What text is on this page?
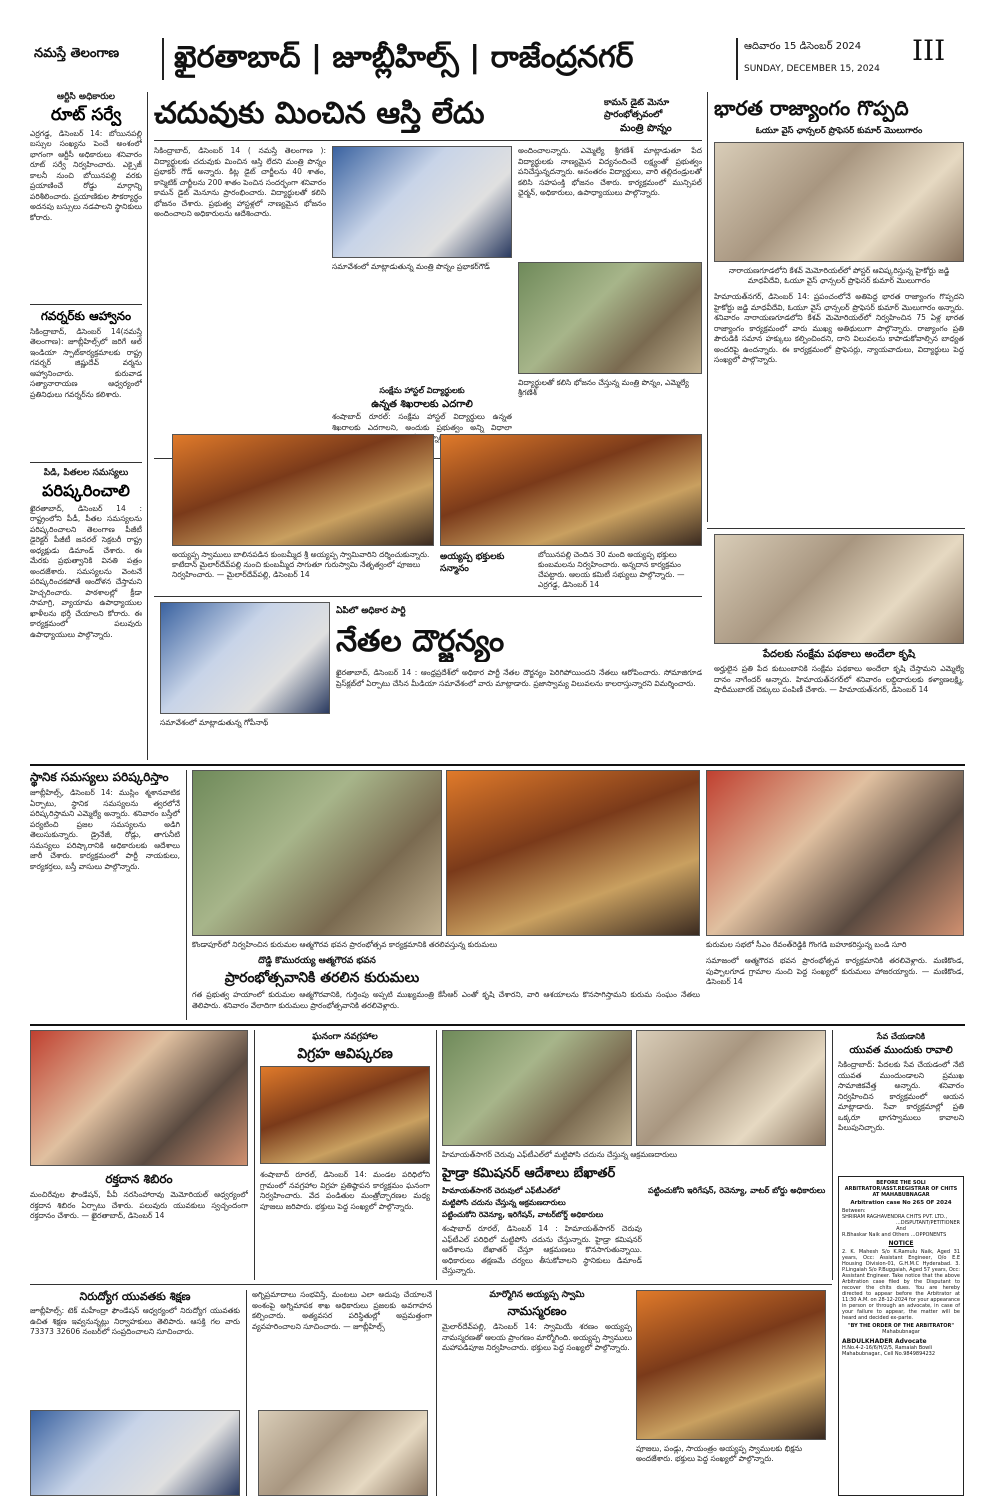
నమస్తే తెలంగాణ	ఖైరతాబాద్ | జూబ్లీహిల్స్ | రాజేంద్రనగర్	ఆదివారం 15 డిసెంబర్ 2024
SUNDAY, DECEMBER 15, 2024
III
ఆర్టీసీ అధికారుల
రూట్ సర్వే
ఎర్రగడ్డ, డిసెంబర్ 14: బోయినపల్లి బస్సుల సంఖ్యను పెంచే అంశంలో భాగంగా ఆర్టీసీ అధికారులు శనివారం రూట్ సర్వే నిర్వహించారు. ఎక్సైజ్ కాలనీ నుంచి బోయినపల్లి వరకు ప్రయాణించే రోడ్డు మార్గాన్ని పరిశీలించారు. ప్రయాణికుల సౌకర్యార్థం అదనపు బస్సులు నడపాలని స్థానికులు కోరారు.
గవర్నర్‌కు ఆహ్వానం
సికింద్రాబాద్, డిసెంబర్ 14(నమస్తే తెలంగాణ): జూబ్లీహిల్స్‌లో జరిగే ఆల్ ఇండియా స్పాట్‌కార్యక్రమాలకు రాష్ట్ర గవర్నర్ జిష్ణుదేవ్ వర్మను ఆహ్వానించారు. కురువాడ సత్యానారాయణ ఆధ్వర్యంలో ప్రతినిధులు గవర్నర్‌ను కలిశారు.
పీడీ, పీతలల సమస్యలు
పరిష్కరించాలి
ఖైరతాబాద్, డిసెంబర్ 14 : రాష్ట్రంలోని పీడీ, పీతల సమస్యలను పరిష్కరించాలని తెలంగాణ పీజీటీ డైరెక్టర్ పీజీటీ జనరల్ సెక్రటరీ రాష్ట్ర అధ్యక్షుడు డిమాండ్ చేశారు. ఈ మేరకు ప్రభుత్వానికి వినతి పత్రం అందజేశారు. సమస్యలను వెంటనే పరిష్కరించకపోతే ఆందోళన చేస్తామని హెచ్చరించారు. పాఠశాలల్లో క్రీడా సామాగ్రి, వ్యాయామ ఉపాధ్యాయుల ఖాళీలను భర్తీ చేయాలని కోరారు. ఈ కార్యక్రమంలో పలువురు ఉపాధ్యాయులు పాల్గొన్నారు.
చదువుకు మించిన ఆస్తి లేదు	కామన్ డైట్ మెనూ ప్రారంభోత్సవంలో
మంత్రి పొన్నం
సికింద్రాబాద్, డిసెంబర్ 14 ( నమస్తే తెలంగాణ ): విద్యార్థులకు చదువుకు మించిన ఆస్తి లేదని మంత్రి పొన్నం ప్రభాకర్ గౌడ్ అన్నారు. కిట్ల డైట్ చార్జీలను 40 శాతం, కాస్మెటిక్ చార్జీలను 200 శాతం పెంచిన సందర్భంగా శనివారం కామన్ డైట్ మెనూను ప్రారంభించారు. విద్యార్థులతో కలిసి భోజనం చేశారు. ప్రభుత్వ హాస్టళ్లలో నాణ్యమైన భోజనం అందించాలని అధికారులను ఆదేశించారు.
సమావేశంలో మాట్లాడుతున్న మంత్రి పొన్నం ప్రభాకర్‌గౌడ్
అందించాలన్నారు. ఎమ్మెల్యే శ్రీగణేశ్ మాట్లాడుతూ పేద విద్యార్థులకు నాణ్యమైన విద్యనందించే లక్ష్యంతో ప్రభుత్వం పనిచేస్తున్నదన్నారు. అనంతరం విద్యార్థులు, వారి తల్లిదండ్రులతో కలిసి సహపంక్తి భోజనం చేశారు. కార్యక్రమంలో మున్సిపల్ ఛైర్మన్, అధికారులు, ఉపాధ్యాయులు పాల్గొన్నారు.
విద్యార్థులతో కలిసి భోజనం చేస్తున్న మంత్రి పొన్నం, ఎమ్మెల్యే శ్రీగణేశ్
సంక్షేమ హాస్టల్ విద్యార్థులకు
ఉన్నత శిఖరాలకు ఎదగాలి
శంషాబాద్ రూరల్: సంక్షేమ హాస్టల్ విద్యార్థులు ఉన్నత శిఖరాలకు ఎదగాలని, అందుకు ప్రభుత్వం అన్ని విధాలా
భారత రాజ్యాంగం గొప్పది
ఓయూ వైస్ ఛాన్సలర్ ప్రొఫెసర్ కుమార్ మొలుగారం
నారాయణగూడలోని కేశవ్ మెమోరియల్‌లో పోస్టర్ ఆవిష్కరిస్తున్న హైకోర్టు జడ్జి మాధవీదేవి, ఓయూ వైస్ ఛాన్సలర్ ప్రొఫెసర్ కుమార్ మొలుగారం
హిమాయత్‌నగర్, డిసెంబర్ 14: ప్రపంచంలోనే అతిపెద్ద భారత రాజ్యాంగం గొప్పదని హైకోర్టు జడ్జి మాధవీదేవి, ఓయూ వైస్ ఛాన్సలర్ ప్రొఫెసర్ కుమార్ మొలుగారం అన్నారు. శనివారం నారాయణగూడలోని కేశవ్ మెమోరియల్‌లో నిర్వహించిన 75 ఏళ్ల భారత రాజ్యాంగం కార్యక్రమంలో వారు ముఖ్య అతిథులుగా పాల్గొన్నారు. రాజ్యాంగం ప్రతి పౌరుడికి సమాన హక్కులు కల్పించిందని, దాని విలువలను కాపాడుకోవాల్సిన బాధ్యత అందరిపై ఉందన్నారు. ఈ కార్యక్రమంలో ప్రొఫెసర్లు, న్యాయవాదులు, విద్యార్థులు పెద్ద సంఖ్యలో పాల్గొన్నారు.
అయ్యప్ప స్వాములు బాలినపడిన కుంబమ్మీద శ్రీ అయ్యప్ప స్వామివారిని దర్శించుకున్నారు. కాటేదాన్ మైలార్‌దేవ్‌పల్లి నుంచి కుంబమ్మీద సాగుతూ గురుస్వామి నేతృత్వంలో పూజలు నిర్వహించారు. — మైలార్‌దేవ్‌పల్లి, డిసెంబర్ 14
అయ్యప్ప భక్తులకు సన్మానం
బోయినపల్లి చెందిన 30 మంది అయ్యప్ప భక్తులు కుంబమలను నిర్వహించారు. అన్నదాన కార్యక్రమం చేపట్టారు. ఆలయ కమిటీ సభ్యులు పాల్గొన్నారు. — ఎర్రగడ్డ, డిసెంబర్ 14
పేదలకు సంక్షేమ పథకాలు అందేలా కృషి
అర్హులైన ప్రతి పేద కుటుంబానికి సంక్షేమ పథకాలు అందేలా కృషి చేస్తామని ఎమ్మెల్యే దానం నాగేందర్ అన్నారు. హిమాయత్‌నగర్‌లో శనివారం లబ్ధిదారులకు కళ్యాణలక్ష్మి, షాదీముబారక్ చెక్కులు పంపిణీ చేశారు. — హిమాయత్‌నగర్, డిసెంబర్ 14
సమావేశంలో మాట్లాడుతున్న గోపీనాథ్
ఏపీలో అధికార పార్టీ
నేతల దౌర్జన్యం
ఖైరతాబాద్, డిసెంబర్ 14 : ఆంధ్రప్రదేశ్‌లో అధికార పార్టీ నేతల దౌర్జన్యం పెరిగిపోయిందని నేతలు ఆరోపించారు. సోమాజిగూడ ప్రెస్‌క్లబ్‌లో ఏర్పాటు చేసిన మీడియా సమావేశంలో వారు మాట్లాడారు. ప్రజాస్వామ్య విలువలను కాలరాస్తున్నారని విమర్శించారు.
స్థానిక సమస్యలు పరిష్కరిస్తాం
జూబ్లీహిల్స్, డిసెంబర్ 14: ముస్లిం శ్మశానవాటిక ఏర్పాటు, స్థానిక సమస్యలను త్వరలోనే పరిష్కరిస్తామని ఎమ్మెల్యే అన్నారు. శనివారం బస్తీలో పర్యటించి ప్రజల సమస్యలను అడిగి తెలుసుకున్నారు. డ్రైనేజీ, రోడ్లు, తాగునీటి సమస్యలు పరిష్కారానికి అధికారులకు ఆదేశాలు జారీ చేశారు. కార్యక్రమంలో పార్టీ నాయకులు, కార్యకర్తలు, బస్తీ వాసులు పాల్గొన్నారు.
కొండాపూర్‌లో నిర్వహించిన కురుమల ఆత్మగౌరవ భవన ప్రారంభోత్సవ కార్యక్రమానికి తరలివస్తున్న కురుమలు	కురుమల సభలో సీఎం రేవంత్‌రెడ్డికి గొంగడి బహూకరిస్తున్న బండి సూరి
దొడ్డి కొమురయ్య ఆత్మగౌరవ భవన
ప్రారంభోత్సవానికి తరలిన కురుమలు
గత ప్రభుత్వ హయాంలో కురుమల ఆత్మగౌరవానికి, గుర్తింపు అప్పటి ముఖ్యమంత్రి కేసీఆర్ ఎంతో కృషి చేశారని, వారి ఆశయాలను కొనసాగిస్తామని కురుమ సంఘం నేతలు తెలిపారు. శనివారం వేలాదిగా కురుమలు ప్రారంభోత్సవానికి తరలివెళ్లారు.
సమాజంలో ఆత్మగౌరవ భవన ప్రారంభోత్సవ కార్యక్రమానికి తరలివెళ్లారు. మణికొండ, పుప్పాలగూడ గ్రామాల నుంచి పెద్ద సంఖ్యలో కురుమలు హాజరయ్యారు. — మణికొండ, డిసెంబర్ 14
రక్తదాన శిబిరం
మంచిరేవుల ఫౌండేషన్, పీవీ నరసింహారావు మెమోరియల్ ఆధ్వర్యంలో రక్తదాన శిబిరం ఏర్పాటు చేశారు. పలువురు యువకులు స్వచ్ఛందంగా రక్తదానం చేశారు. — ఖైరతాబాద్, డిసెంబర్ 14
ఘనంగా నవగ్రహాల
విగ్రహ ఆవిష్కరణ
శంషాబాద్ రూరల్, డిసెంబర్ 14: మండల పరిధిలోని గ్రామంలో నవగ్రహాల విగ్రహ ప్రతిష్ఠాపన కార్యక్రమం ఘనంగా నిర్వహించారు. వేద పండితుల మంత్రోచ్ఛారణల మధ్య పూజలు జరిపారు. భక్తులు పెద్ద సంఖ్యలో పాల్గొన్నారు.
హిమాయత్‌సాగర్ చెరువు ఎఫ్‌టీఎల్‌లో మట్టిపోసి చదును చేస్తున్న ఆక్రమణదారులు
హైడ్రా కమిషనర్ ఆదేశాలు బేఖాతర్
హిమాయత్‌సాగర్ చెరువులో ఎఫ్‌టీఎల్‌లో
మట్టిపోసి చదును చేస్తున్న ఆక్రమణదారులు
పట్టించుకోని రెవెన్యూ, ఇరిగేషన్, వాటర్‌బోర్డ్ అధికారులు
శంషాబాద్ రూరల్, డిసెంబర్ 14 : హిమాయత్‌సాగర్ చెరువు ఎఫ్‌టీఎల్ పరిధిలో మట్టిపోసి చదును చేస్తున్నారు. హైడ్రా కమిషనర్ ఆదేశాలను బేఖాతర్ చేస్తూ ఆక్రమణలు కొనసాగుతున్నాయి. అధికారులు తక్షణమే చర్యలు తీసుకోవాలని స్థానికులు డిమాండ్ చేస్తున్నారు.
పట్టించుకోని ఇరిగేషన్, రెవెన్యూ, వాటర్ బోర్డు అధికారులు
సేవ చేయడానికి
యువత ముందుకు రావాలి
సికింద్రాబాద్: పేదలకు సేవ చేయడంలో నేటి యువత ముందుండాలని ప్రముఖ సామాజికవేత్త అన్నారు. శనివారం నిర్వహించిన కార్యక్రమంలో ఆయన మాట్లాడారు. సేవా కార్యక్రమాల్లో ప్రతి ఒక్కరూ భాగస్వాములు కావాలని పిలుపునిచ్చారు.
BEFORE THE SOLI ARBITRATOR/ASST.REGISTRAR OF CHITS AT MAHABUBNAGAR
Arbitration case No 265 OF 2024
Between:
SHRIRAM RAGHAVENDRA CHITS PVT. LTD.,
...DISPUTANT/PETITIONER
And
R.Bhaskar Naik and Others ...OPPONENTS
NOTICE
2. K. Mahesh S/o K.Ramulu Naik, Aged 31 years, Occ: Assistant Engineer, O/o E.E Housing Division-01, G.H.M.C Hyderabad. 3. P.Lingaiah S/o P.Buggaiah, Aged 57 years, Occ: Assistant Engineer. Take notice that the above Arbitration case filed by the Disputant to recover the chits dues. You are hereby directed to appear before the Arbitrator at 11:30 A.M. on 28-12-2024 for your appearance in person or through an advocate, in case of your failure to appear, the matter will be heard and decided ex-parte.
"BY THE ORDER OF THE ARBITRATOR"
Mahabubnagar
ABDULKHADER Advocate
H.No.4-2-16/6/H/2/5, Ramaiah Bowli Mahabubnagar., Cell No.9849894232
నిరుద్యోగ యువతకు శిక్షణ
జూబ్లీహిల్స్: టెక్ మహీంద్రా ఫౌండేషన్ ఆధ్వర్యంలో నిరుద్యోగ యువతకు ఉచిత శిక్షణ ఇవ్వనున్నట్లు నిర్వాహకులు తెలిపారు. ఆసక్తి గల వారు 73373 32606 నంబర్‌లో సంప్రదించాలని సూచించారు.
అగ్నిప్రమాదాలు సంభవిస్తే, మంటలు ఎలా అదుపు చేయాలనే అంశంపై అగ్నిమాపక శాఖ అధికారులు ప్రజలకు అవగాహన కల్పించారు. అత్యవసర పరిస్థితుల్లో అప్రమత్తంగా వ్యవహరించాలని సూచించారు. — జూబ్లీహిల్స్
మార్మోగిన అయ్యప్ప స్వామి
నామస్మరణం
మైలార్‌దేవ్‌పల్లి, డిసెంబర్ 14: స్వామియే శరణం అయ్యప్ప నామస్మరణతో ఆలయ ప్రాంగణం మార్మోగింది. అయ్యప్ప స్వాములు మహాపడిపూజ నిర్వహించారు. భక్తులు పెద్ద సంఖ్యలో పాల్గొన్నారు.
పూజలు, పండ్లు, సాయంత్రం అయ్యప్ప స్వాములకు భిక్షను అందజేశారు. భక్తులు పెద్ద సంఖ్యలో పాల్గొన్నారు.
